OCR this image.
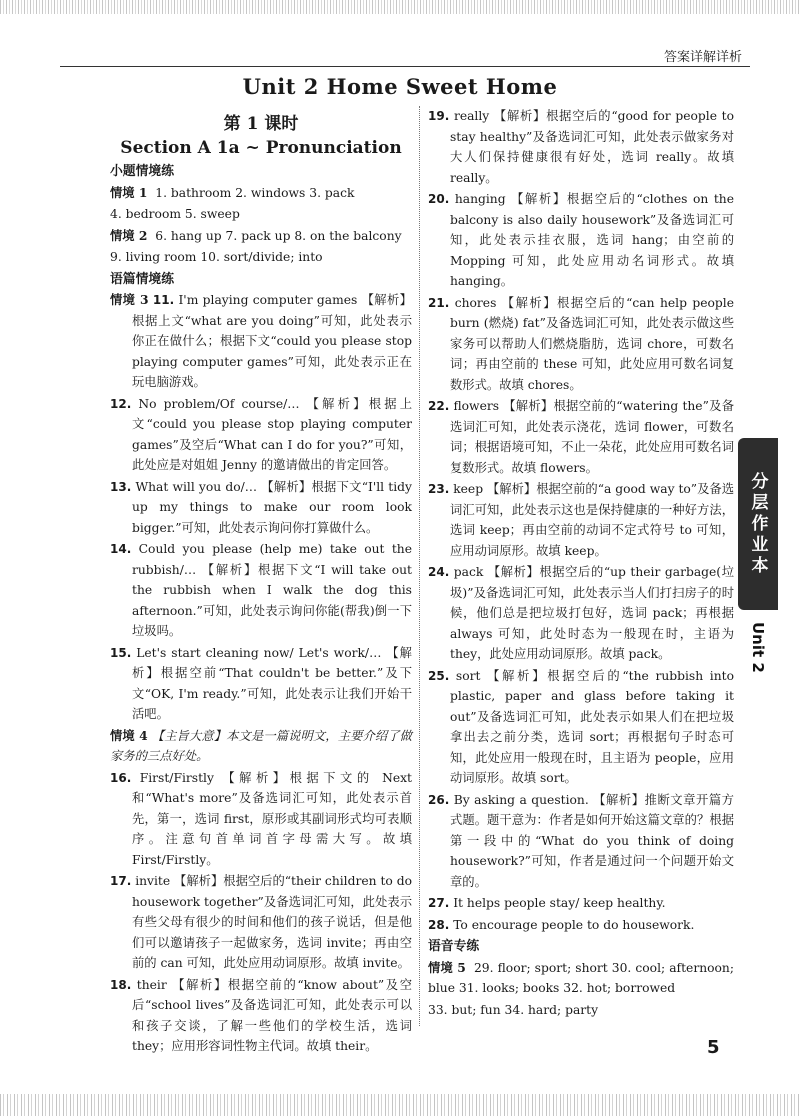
答案详解详析
Unit 2 Home Sweet Home
第 1 课时
Section A 1a ~ Pronunciation
小题情境练
情境 1 1. bathroom 2. windows 3. pack
4. bedroom 5. sweep
情境 2 6. hang up 7. pack up 8. on the balcony
9. living room 10. sort/divide; into
语篇情境练
情境 3 11. I'm playing computer games 【解析】根据上文“what are you doing”可知，此处表示你正在做什么；根据下文“could you please stop playing computer games”可知，此处表示正在玩电脑游戏。
12. No problem/Of course/… 【解析】根据上文“could you please stop playing computer games”及空后“What can I do for you?”可知，此处应是对姐姐 Jenny 的邀请做出的肯定回答。
13. What will you do/… 【解析】根据下文“I'll tidy up my things to make our room look bigger.”可知，此处表示询问你打算做什么。
14. Could you please (help me) take out the rubbish/… 【解析】根据下文“I will take out the rubbish when I walk the dog this afternoon.”可知，此处表示询问你能(帮我)倒一下垃圾吗。
15. Let's start cleaning now/ Let's work/… 【解析】根据空前“That couldn't be better.”及下文“OK, I'm ready.”可知，此处表示让我们开始干活吧。
情境 4 【主旨大意】本文是一篇说明文，主要介绍了做家务的三点好处。
16. First/Firstly 【解析】根据下文的 Next 和“What's more”及备选词汇可知，此处表示首先，第一，选词 first，原形或其副词形式均可表顺序。注意句首单词首字母需大写。故填 First/Firstly。
17. invite 【解析】根据空后的“their children to do housework together”及备选词汇可知，此处表示有些父母有很少的时间和他们的孩子说话，但是他们可以邀请孩子一起做家务，选词 invite；再由空前的 can 可知，此处应用动词原形。故填 invite。
18. their 【解析】根据空前的“know about”及空后“school lives”及备选词汇可知，此处表示可以和孩子交谈，了解一些他们的学校生活，选词 they；应用形容词性物主代词。故填 their。
19. really 【解析】根据空后的“good for people to stay healthy”及备选词汇可知，此处表示做家务对大人们保持健康很有好处，选词 really。故填 really。
20. hanging 【解析】根据空后的“clothes on the balcony is also daily housework”及备选词汇可知，此处表示挂衣服，选词 hang；由空前的 Mopping 可知，此处应用动名词形式。故填 hanging。
21. chores 【解析】根据空后的“can help people burn (燃烧) fat”及备选词汇可知，此处表示做这些家务可以帮助人们燃烧脂肪，选词 chore，可数名词；再由空前的 these 可知，此处应用可数名词复数形式。故填 chores。
22. flowers 【解析】根据空前的“watering the”及备选词汇可知，此处表示浇花，选词 flower，可数名词；根据语境可知，不止一朵花，此处应用可数名词复数形式。故填 flowers。
23. keep 【解析】根据空前的“a good way to”及备选词汇可知，此处表示这也是保持健康的一种好方法，选词 keep；再由空前的动词不定式符号 to 可知，应用动词原形。故填 keep。
24. pack 【解析】根据空后的“up their garbage(垃圾)”及备选词汇可知，此处表示当人们打扫房子的时候，他们总是把垃圾打包好，选词 pack；再根据 always 可知，此处时态为一般现在时，主语为 they，此处应用动词原形。故填 pack。
25. sort 【解析】根据空后的“the rubbish into plastic, paper and glass before taking it out”及备选词汇可知，此处表示如果人们在把垃圾拿出去之前分类，选词 sort；再根据句子时态可知，此处应用一般现在时，且主语为 people，应用动词原形。故填 sort。
26. By asking a question. 【解析】推断文章开篇方式题。题干意为：作者是如何开始这篇文章的？根据第一段中的“What do you think of doing housework?”可知，作者是通过问一个问题开始文章的。
27. It helps people stay/ keep healthy.
28. To encourage people to do housework.
语音专练
情境 5 29. floor; sport; short 30. cool; afternoon; blue 31. looks; books 32. hot; borrowed
33. but; fun 34. hard; party
分层作业本
Unit 2
5
